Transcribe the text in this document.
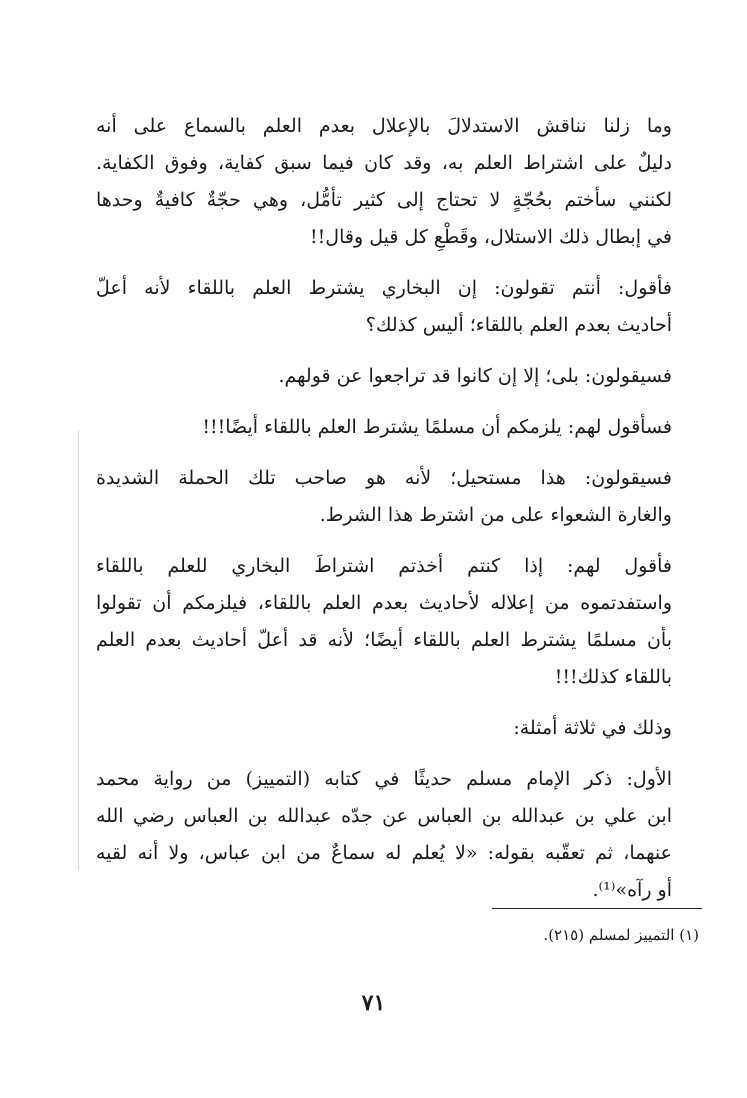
وما زلنا نناقش الاستدلالَ بالإعلال بعدم العلم بالسماع على أنه
دليلٌ على اشتراط العلم به، وقد كان فيما سبق كفاية، وفوق الكفاية.
لكنني سأختم بحُجّةٍ لا تحتاج إلى كثير تأمُّل، وهي حجّةٌ كافيةٌ وحدها
في إبطال ذلك الاستلال، وقَطْعِ كل قيل وقال!!

فأقول: أنتم تقولون: إن البخاري يشترط العلم باللقاء لأنه أعلّ
أحاديث بعدم العلم باللقاء؛ أليس كذلك؟

فسيقولون: بلى؛ إلا إن كانوا قد تراجعوا عن قولهم.

فسأقول لهم: يلزمكم أن مسلمًا يشترط العلم باللقاء أيضًا!!!

فسيقولون: هذا مستحيل؛ لأنه هو صاحب تلك الحملة الشديدة
والغارة الشعواء على من اشترط هذا الشرط.

فأقول لهم: إذا كنتم أخذتم اشتراطَ البخاري للعلم باللقاء
واستفدتموه من إعلاله لأحاديث بعدم العلم باللقاء، فيلزمكم أن تقولوا
بأن مسلمًا يشترط العلم باللقاء أيضًا؛ لأنه قد أعلّ أحاديث بعدم العلم
باللقاء كذلك!!!

وذلك في ثلاثة أمثلة:

الأول: ذكر الإمام مسلم حديثًا في كتابه (التمييز) من رواية محمد
ابن علي بن عبدالله بن العباس عن جدّه عبدالله بن العباس رضي الله
عنهما، ثم تعقّبه بقوله: «لا يُعلم له سماعٌ من ابن عباس، ولا أنه لقيه
أو رآه»⁽¹⁾.

(١) التمييز لمسلم (٢١٥).
٧١
